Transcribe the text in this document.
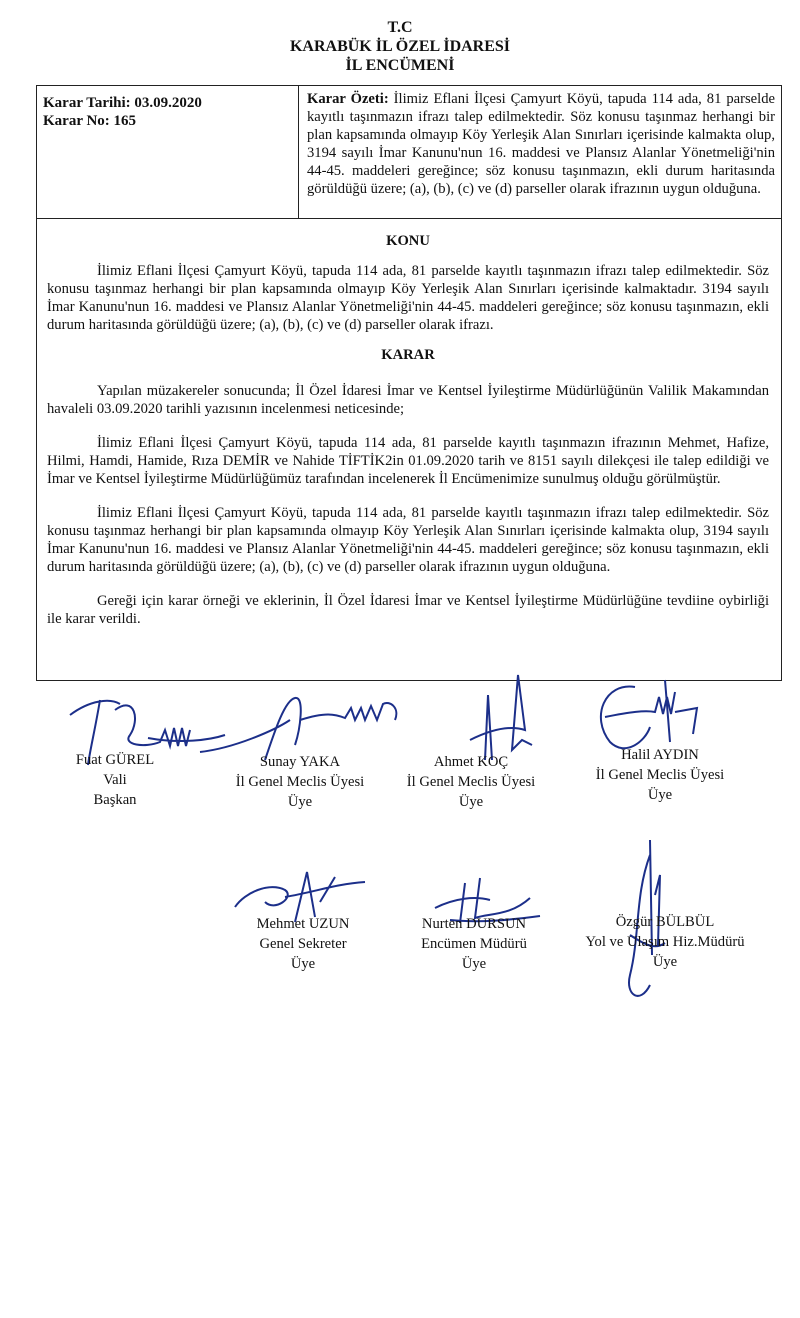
T.C
KARABÜK İL ÖZEL İDARESİ
İL ENCÜMENİ
Karar Tarihi: 03.09.2020
Karar No: 165
Karar Özeti: İlimiz Eflani İlçesi Çamyurt Köyü, tapuda 114 ada, 81 parselde kayıtlı taşınmazın ifrazı talep edilmektedir. Söz konusu taşınmaz herhangi bir plan kapsamında olmayıp Köy Yerleşik Alan Sınırları içerisinde kalmakta olup, 3194 sayılı İmar Kanunu'nun 16. maddesi ve Plansız Alanlar Yönetmeliği'nin 44-45. maddeleri gereğince; söz konusu taşınmazın, ekli durum haritasında görüldüğü üzere; (a), (b), (c) ve (d) parseller olarak ifrazının uygun olduğuna.
KONU

İlimiz Eflani İlçesi Çamyurt Köyü, tapuda 114 ada, 81 parselde kayıtlı taşınmazın ifrazı talep edilmektedir. Söz konusu taşınmaz herhangi bir plan kapsamında olmayıp Köy Yerleşik Alan Sınırları içerisinde kalmaktadır. 3194 sayılı İmar Kanunu'nun 16. maddesi ve Plansız Alanlar Yönetmeliği'nin 44-45. maddeleri gereğince; söz konusu taşınmazın, ekli durum haritasında görüldüğü üzere; (a), (b), (c) ve (d) parseller olarak ifrazı.

KARAR

Yapılan müzakereler sonucunda; İl Özel İdaresi İmar ve Kentsel İyileştirme Müdürlüğünün Valilik Makamından havaleli 03.09.2020 tarihli yazısının incelenmesi neticesinde;

İlimiz Eflani İlçesi Çamyurt Köyü, tapuda 114 ada, 81 parselde kayıtlı taşınmazın ifrazının Mehmet, Hafize, Hilmi, Hamdi, Hamide, Rıza DEMİR ve Nahide TİFTİK2in 01.09.2020 tarih ve 8151 sayılı dilekçesi ile talep edildiği ve İmar ve Kentsel İyileştirme Müdürlüğümüz tarafından incelenerek İl Encümenimize sunulmuş olduğu görülmüştür.

İlimiz Eflani İlçesi Çamyurt Köyü, tapuda 114 ada, 81 parselde kayıtlı taşınmazın ifrazı talep edilmektedir. Söz konusu taşınmaz herhangi bir plan kapsamında olmayıp Köy Yerleşik Alan Sınırları içerisinde kalmakta olup, 3194 sayılı İmar Kanunu'nun 16. maddesi ve Plansız Alanlar Yönetmeliği'nin 44-45. maddeleri gereğince; söz konusu taşınmazın, ekli durum haritasında görüldüğü üzere; (a), (b), (c) ve (d) parseller olarak ifrazının uygun olduğuna.

Gereği için karar örneği ve eklerinin, İl Özel İdaresi İmar ve Kentsel İyileştirme Müdürlüğüne tevdiine oybirliği ile karar verildi.

Fuat GÜREL
Vali
Başkan
Sunay YAKA
İl Genel Meclis Üyesi
Üye
Ahmet KOÇ
İl Genel Meclis Üyesi
Üye
Halil AYDIN
İl Genel Meclis Üyesi
Üye
Mehmet UZUN
Genel Sekreter
Üye
Nurten DURSUN
Encümen Müdürü
Üye
Özgür BÜLBÜL
Yol ve Ulaşım Hiz.Müdürü
Üye
